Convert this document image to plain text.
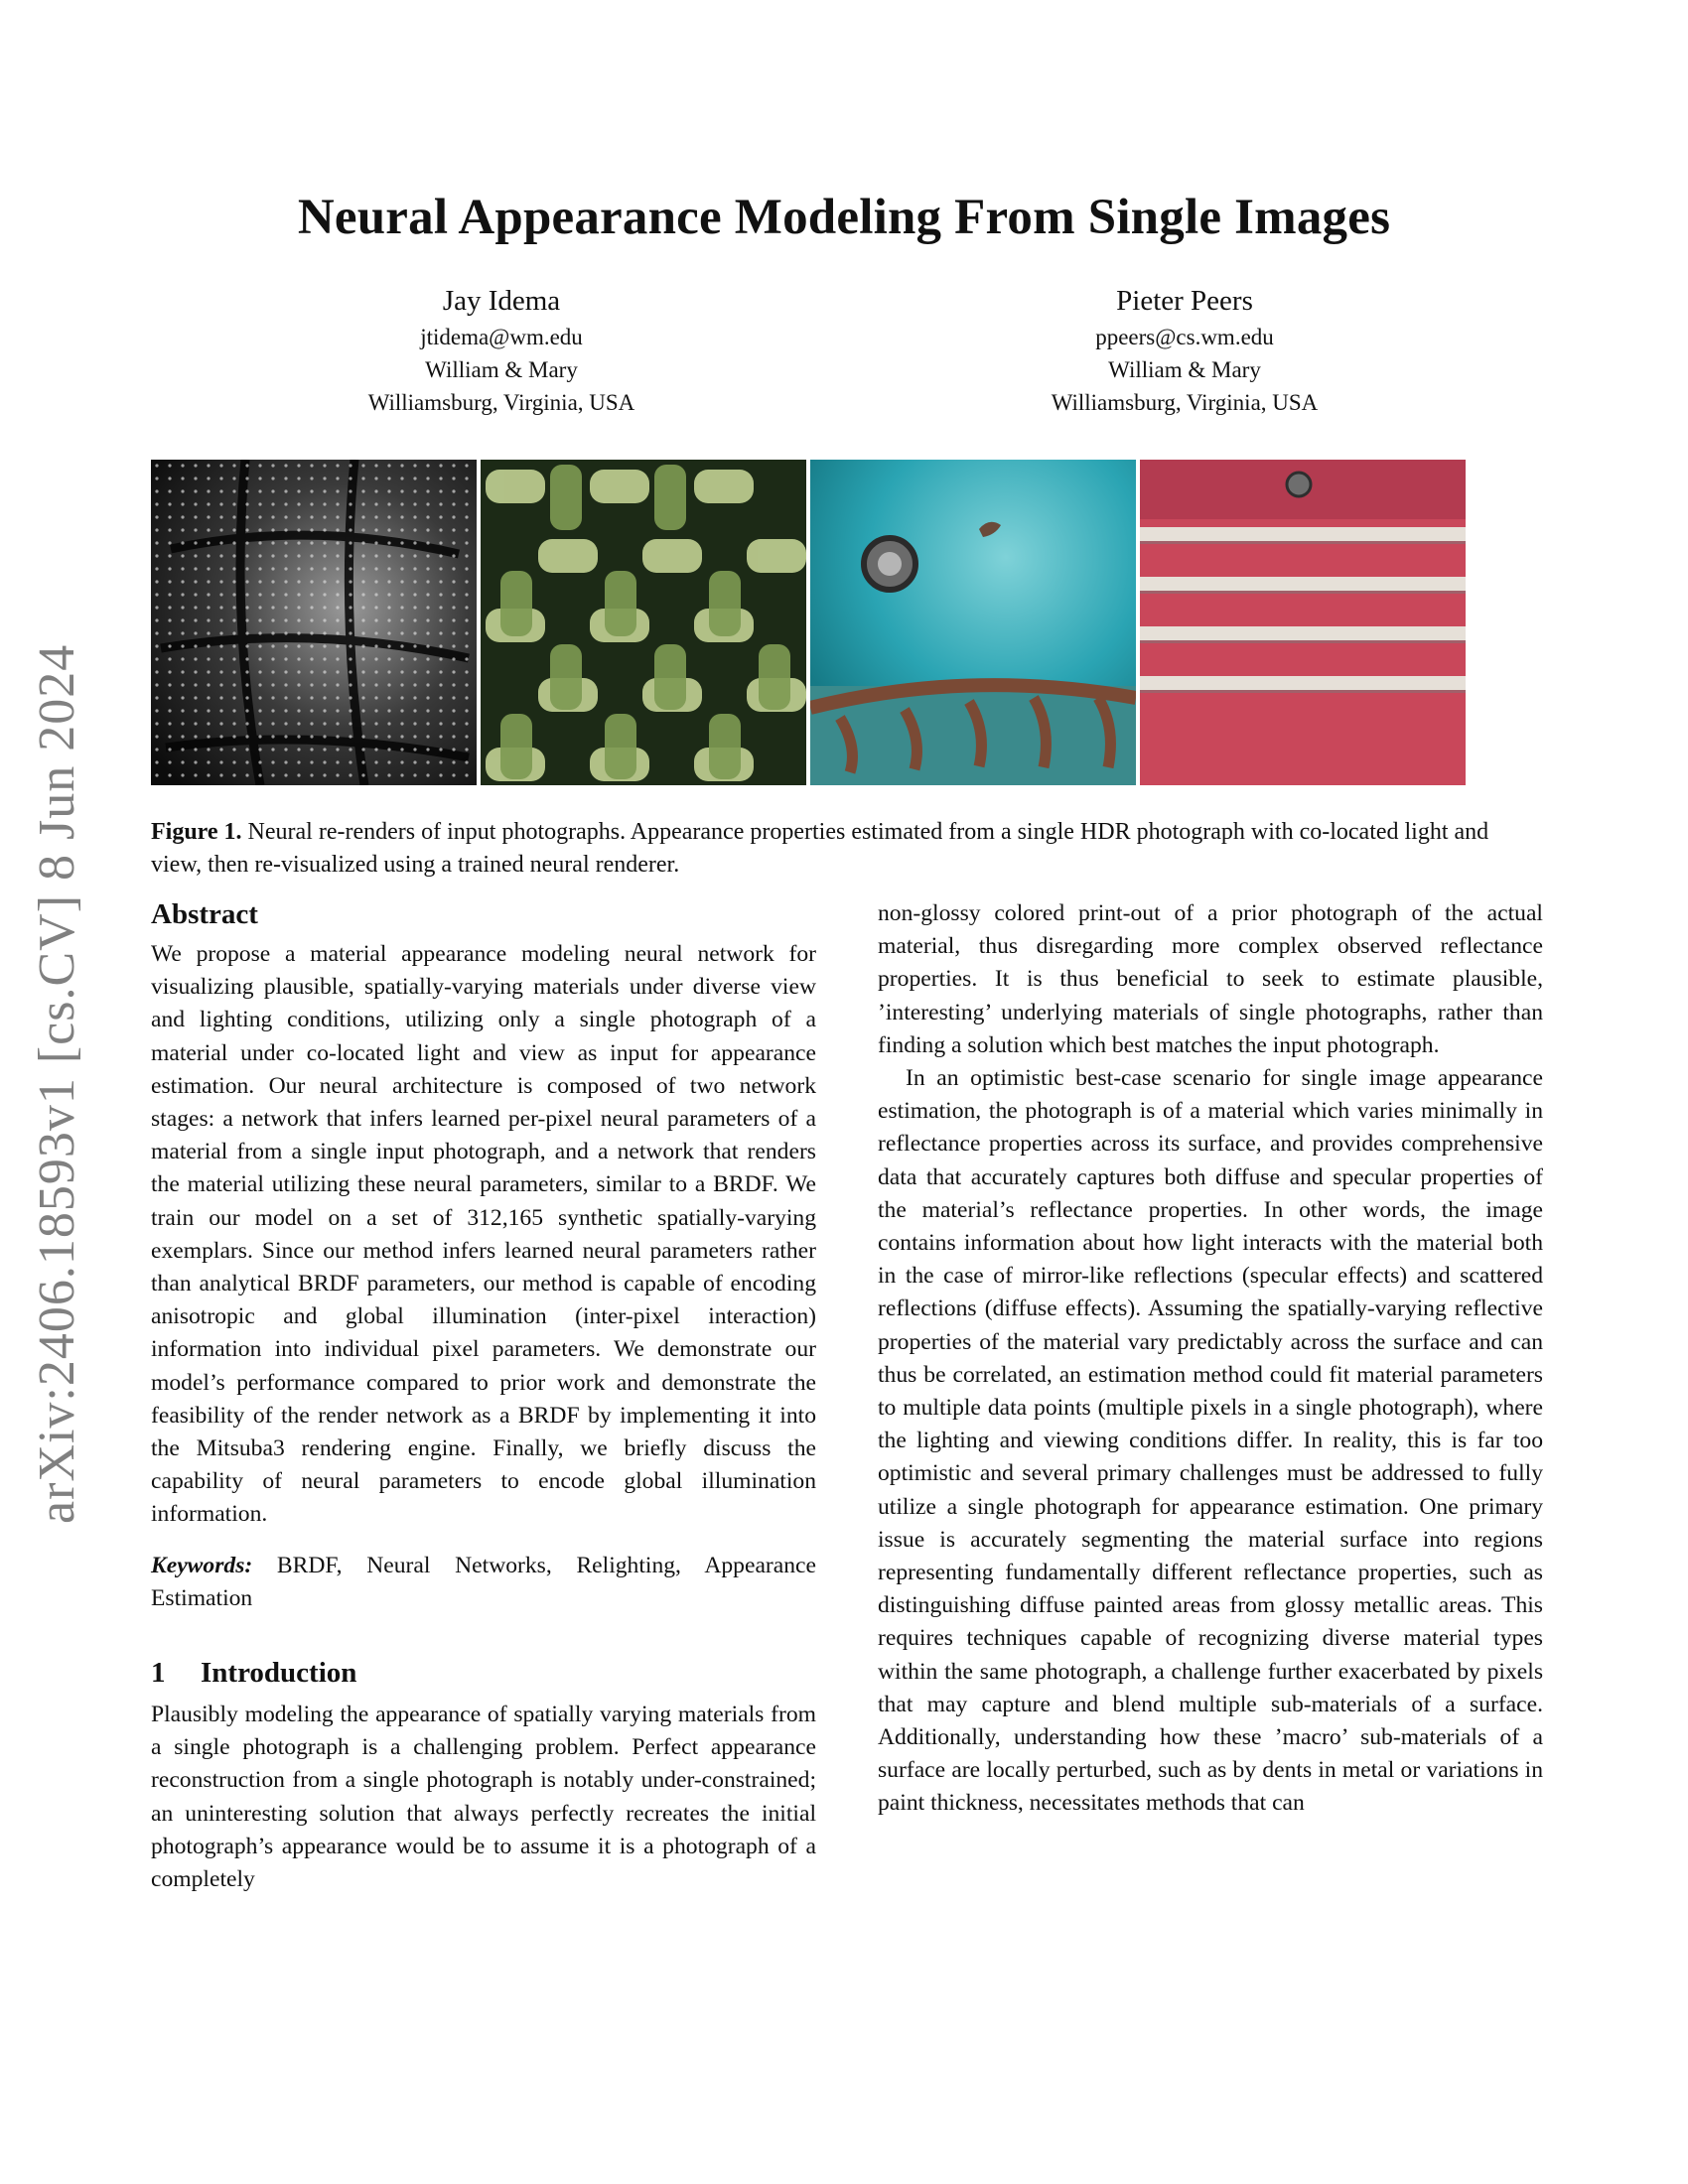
Neural Appearance Modeling From Single Images
Jay Idema
jtidema@wm.edu
William & Mary
Williamsburg, Virginia, USA
Pieter Peers
ppeers@cs.wm.edu
William & Mary
Williamsburg, Virginia, USA
arXiv:2406.18593v1 [cs.CV] 8 Jun 2024	Figure 1. Neural re-renders of input photographs. Appearance properties estimated from a single HDR photograph with co-located light and view, then re-visualized using a trained neural renderer.
Abstract

We propose a material appearance modeling neural network for visualizing plausible, spatially-varying materials under diverse view and lighting conditions, utilizing only a single photograph of a material under co-located light and view as input for appearance estimation. Our neural architecture is composed of two network stages: a network that infers learned per-pixel neural parameters of a material from a single input photograph, and a network that renders the material utilizing these neural parameters, similar to a BRDF. We train our model on a set of 312,165 synthetic spatially-varying exemplars. Since our method infers learned neural parameters rather than analytical BRDF parameters, our method is capable of encoding anisotropic and global illumination (inter-pixel interaction) information into individual pixel parameters. We demonstrate our model’s performance compared to prior work and demonstrate the feasibility of the render network as a BRDF by implementing it into the Mitsuba3 rendering engine. Finally, we briefly discuss the capability of neural parameters to encode global illumination information.

Keywords: BRDF, Neural Networks, Relighting, Appearance Estimation

1 Introduction

Plausibly modeling the appearance of spatially varying materials from a single photograph is a challenging problem. Perfect appearance reconstruction from a single photograph is notably under-constrained; an uninteresting solution that always perfectly recreates the initial photograph’s appearance would be to assume it is a photograph of a completely

non-glossy colored print-out of a prior photograph of the actual material, thus disregarding more complex observed reflectance properties. It is thus beneficial to seek to estimate plausible, ’interesting’ underlying materials of single photographs, rather than finding a solution which best matches the input photograph.

In an optimistic best-case scenario for single image appearance estimation, the photograph is of a material which varies minimally in reflectance properties across its surface, and provides comprehensive data that accurately captures both diffuse and specular properties of the material’s reflectance properties. In other words, the image contains information about how light interacts with the material both in the case of mirror-like reflections (specular effects) and scattered reflections (diffuse effects). Assuming the spatially-varying reflective properties of the material vary predictably across the surface and can thus be correlated, an estimation method could fit material parameters to multiple data points (multiple pixels in a single photograph), where the lighting and viewing conditions differ. In reality, this is far too optimistic and several primary challenges must be addressed to fully utilize a single photograph for appearance estimation. One primary issue is accurately segmenting the material surface into regions representing fundamentally different reflectance properties, such as distinguishing diffuse painted areas from glossy metallic areas. This requires techniques capable of recognizing diverse material types within the same photograph, a challenge further exacerbated by pixels that may capture and blend multiple sub-materials of a surface. Additionally, understanding how these ’macro’ sub-materials of a surface are locally perturbed, such as by dents in metal or variations in paint thickness, necessitates methods that can
